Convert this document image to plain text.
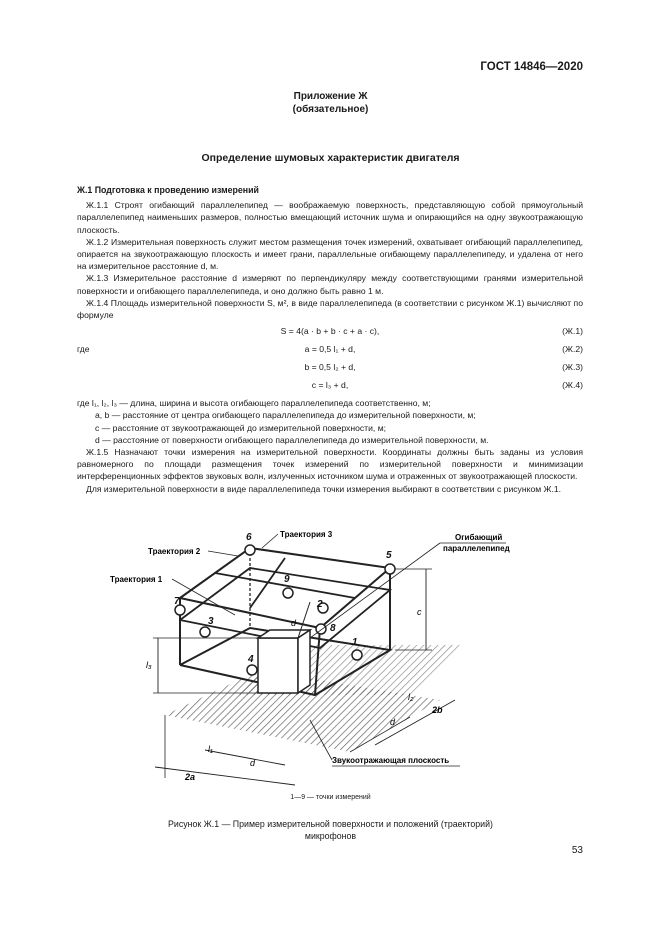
ГОСТ 14846—2020
Приложение Ж
(обязательное)
Определение шумовых характеристик двигателя

Ж.1 Подготовка к проведению измерений

Ж.1.1 Строят огибающий параллелепипед — воображаемую поверхность, представляющую собой прямоугольный параллелепипед наименьших размеров, полностью вмещающий источник шума и опирающийся на одну звукоотражающую плоскость.

Ж.1.2 Измерительная поверхность служит местом размещения точек измерений, охватывает огибающий параллелепипед, опирается на звукоотражающую плоскость и имеет грани, параллельные огибающему параллелепипеду, и удалена от него на измерительное расстояние d, м.

Ж.1.3 Измерительное расстояние d измеряют по перпендикуляру между соответствующими гранями измерительной поверхности и огибающего параллелепипеда, и оно должно быть равно 1 м.

Ж.1.4 Площадь измерительной поверхности S, м², в виде параллелепипеда (в соответствии с рисунком Ж.1) вычисляют по формуле

S = 4(a · b + b · c + a · c),	(Ж.1)
где	a = 0,5 l₁ + d,	(Ж.2)
b = 0,5 l₂ + d,	(Ж.3)
c = l₃ + d,	(Ж.4)

где l₁, l₂, l₃ — длина, ширина и высота огибающего параллелепипеда соответственно, м;

a, b — расстояние от центра огибающего параллелепипеда до измерительной поверхности, м;

c — расстояние от звукоотражающей до измерительной поверхности, м;

d — расстояние от поверхности огибающего параллелепипеда до измерительной поверхности, м.

Ж.1.5 Назначают точки измерения на измерительной поверхности. Координаты должны быть заданы из условия равномерного по площади размещения точек измерений по измерительной поверхности и минимизации интерференционных эффектов звуковых волн, излученных источником шума и отраженных от звукоотражающей плоскости.

Для измерительной поверхности в виде параллелепипеда точки измерения выбирают в соответствии с рисунком Ж.1.

1
2
3
4
5
6
7
8
9
Траектория 3
Траектория 2
Траектория 1
Огибающий
параллелепипед
c
l₃
l₂
d
2b
l₁
d
2a
d
Звукоотражающая плоскость
1—9 — точки измерений
Рисунок Ж.1 — Пример измерительной поверхности и положений (траекторий)
микрофонов
53
